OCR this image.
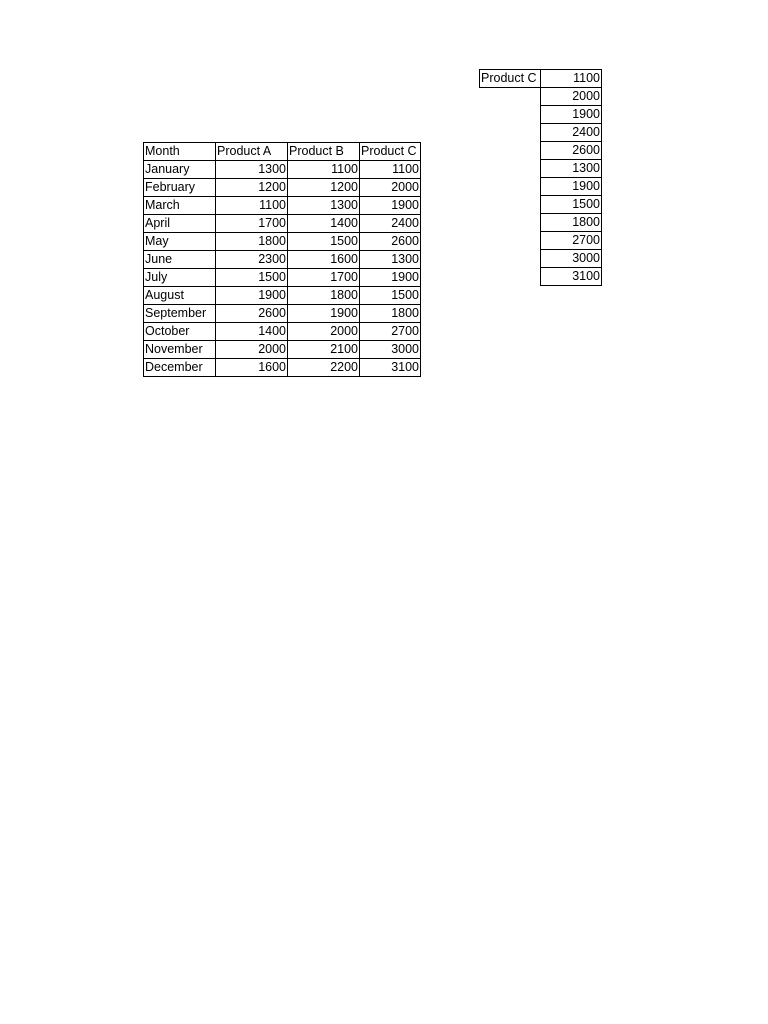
Month	Product A	Product B	Product C
January	1300	1100	1100
February	1200	1200	2000
March	1100	1300	1900
April	1700	1400	2400
May	1800	1500	2600
June	2300	1600	1300
July	1500	1700	1900
August	1900	1800	1500
September	2600	1900	1800
October	1400	2000	2700
November	2000	2100	3000
December	1600	2200	3100
Product C	1100
	2000
	1900
	2400
	2600
	1300
	1900
	1500
	1800
	2700
	3000
	3100
